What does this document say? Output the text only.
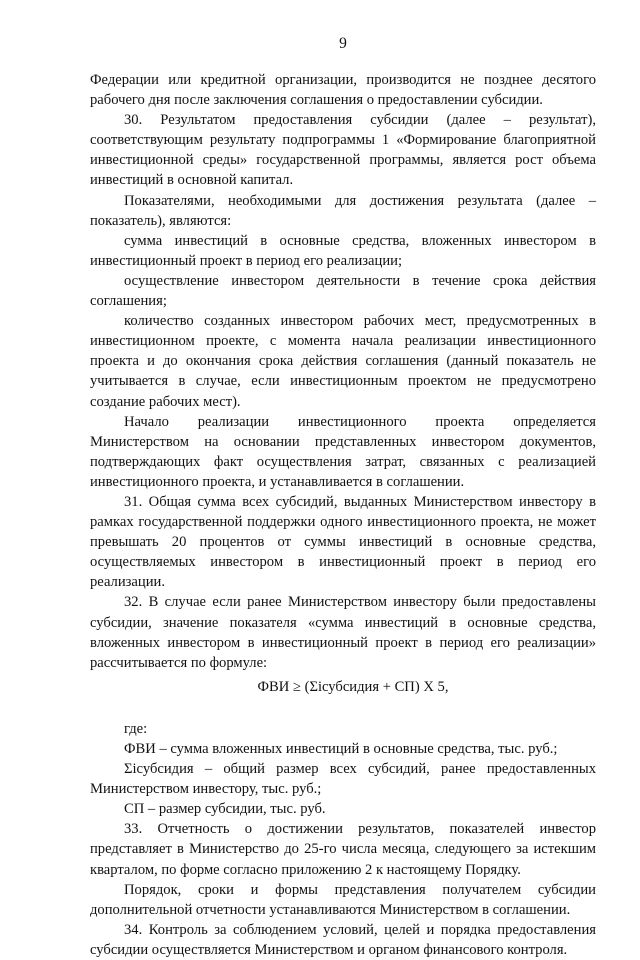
9

Федерации или кредитной организации, производится не позднее десятого рабочего дня после заключения соглашения о предоставлении субсидии.

30. Результатом предоставления субсидии (далее – результат), соответствующим результату подпрограммы 1 «Формирование благоприятной инвестиционной среды» государственной программы, является рост объема инвестиций в основной капитал.

Показателями, необходимыми для достижения результата (далее – показатель), являются:

сумма инвестиций в основные средства, вложенных инвестором в инвестиционный проект в период его реализации;

осуществление инвестором деятельности в течение срока действия соглашения;

количество созданных инвестором рабочих мест, предусмотренных в инвестиционном проекте, с момента начала реализации инвестиционного проекта и до окончания срока действия соглашения (данный показатель не учитывается в случае, если инвестиционным проектом не предусмотрено создание рабочих мест).

Начало реализации инвестиционного проекта определяется Министерством на основании представленных инвестором документов, подтверждающих факт осуществления затрат, связанных с реализацией инвестиционного проекта, и устанавливается в соглашении.

31. Общая сумма всех субсидий, выданных Министерством инвестору в рамках государственной поддержки одного инвестиционного проекта, не может превышать 20 процентов от суммы инвестиций в основные средства, осуществляемых инвестором в инвестиционный проект в период его реализации.

32. В случае если ранее Министерством инвестору были предоставлены субсидии, значение показателя «сумма инвестиций в основные средства, вложенных инвестором в инвестиционный проект в период его реализации» рассчитывается по формуле:

ФВИ ≥ (Σiсубсидия + СП) Х 5,

где:

ФВИ – сумма вложенных инвестиций в основные средства, тыс. руб.;

Σiсубсидия – общий размер всех субсидий, ранее предоставленных Министерством инвестору, тыс. руб.;

СП – размер субсидии, тыс. руб.

33. Отчетность о достижении результатов, показателей инвестор представляет в Министерство до 25-го числа месяца, следующего за истекшим кварталом, по форме согласно приложению 2 к настоящему Порядку.

Порядок, сроки и формы представления получателем субсидии дополнительной отчетности устанавливаются Министерством в соглашении.

34. Контроль за соблюдением условий, целей и порядка предоставления субсидии осуществляется Министерством и органом финансового контроля.
